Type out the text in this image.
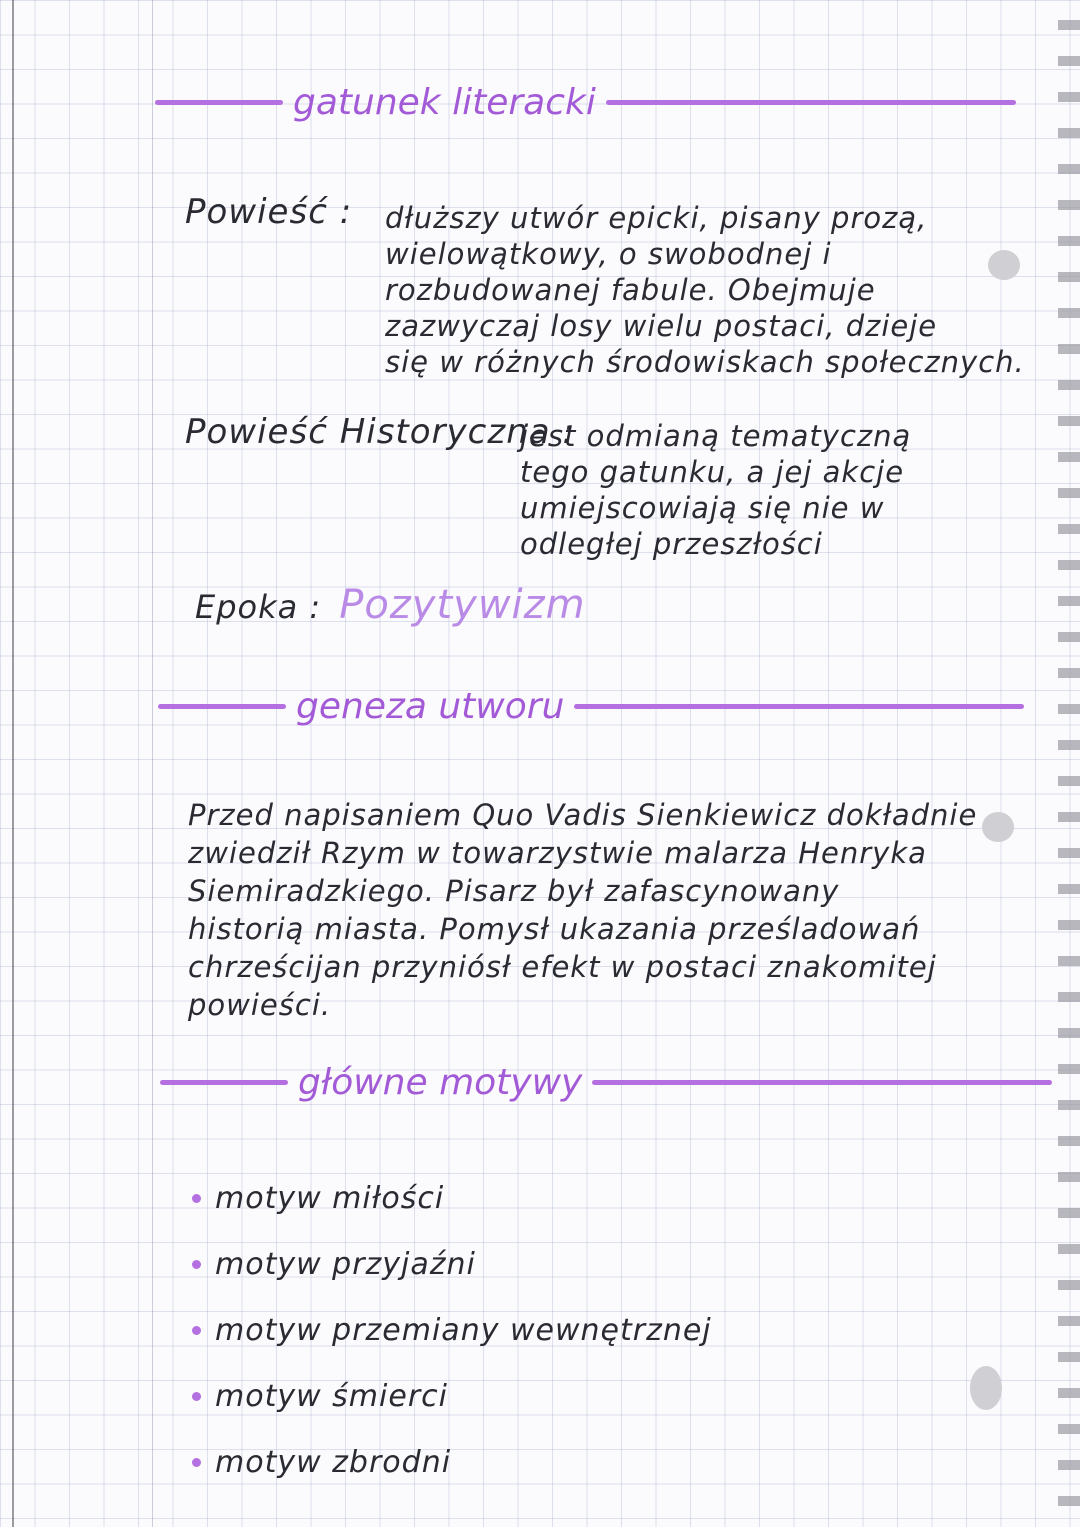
gatunek literacki
Powieść : dłuższy utwór epicki, pisany prozą,
wielowątkowy, o swobodnej i
rozbudowanej fabule. Obejmuje
zazwyczaj losy wielu postaci, dzieje
się w różnych środowiskach społecznych.
Powieść Historyczna :
jest odmianą tematyczną
tego gatunku, a jej akcje
umiejscowiają się nie w
odległej przeszłości
Epoka : Pozytywizm
geneza utworu
Przed napisaniem Quo Vadis Sienkiewicz dokładnie
zwiedził Rzym w towarzystwie malarza Henryka
Siemiradzkiego. Pisarz był zafascynowany
historią miasta. Pomysł ukazania prześladowań
chrześcijan przyniósł efekt w postaci znakomitej
powieści.
główne motywy
motyw miłości
motyw przyjaźni
motyw przemiany wewnętrznej
motyw śmierci
motyw zbrodni
